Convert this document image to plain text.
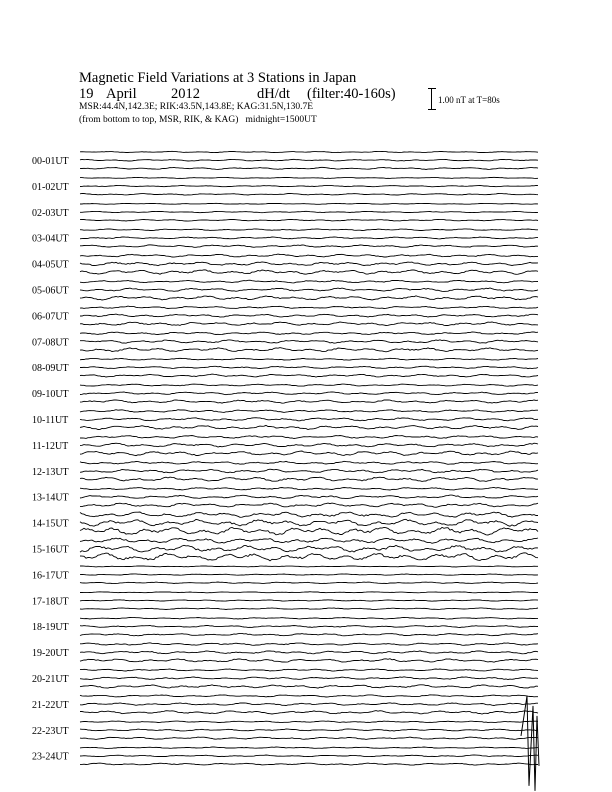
Magnetic Field Variations at 3 Stations in Japan
19 April 2012	dH/dt (filter:40-160s)
MSR:44.4N,142.3E; RIK:43.5N,143.8E; KAG:31.5N,130.7E
(from bottom to top, MSR, RIK, & KAG) midnight=1500UT
1.00 nT at T=80s
00-01UT
01-02UT
02-03UT
03-04UT
04-05UT
05-06UT
06-07UT
07-08UT
08-09UT
09-10UT
10-11UT
11-12UT
12-13UT
13-14UT
14-15UT
15-16UT
16-17UT
17-18UT
18-19UT
19-20UT
20-21UT
21-22UT
22-23UT
23-24UT
